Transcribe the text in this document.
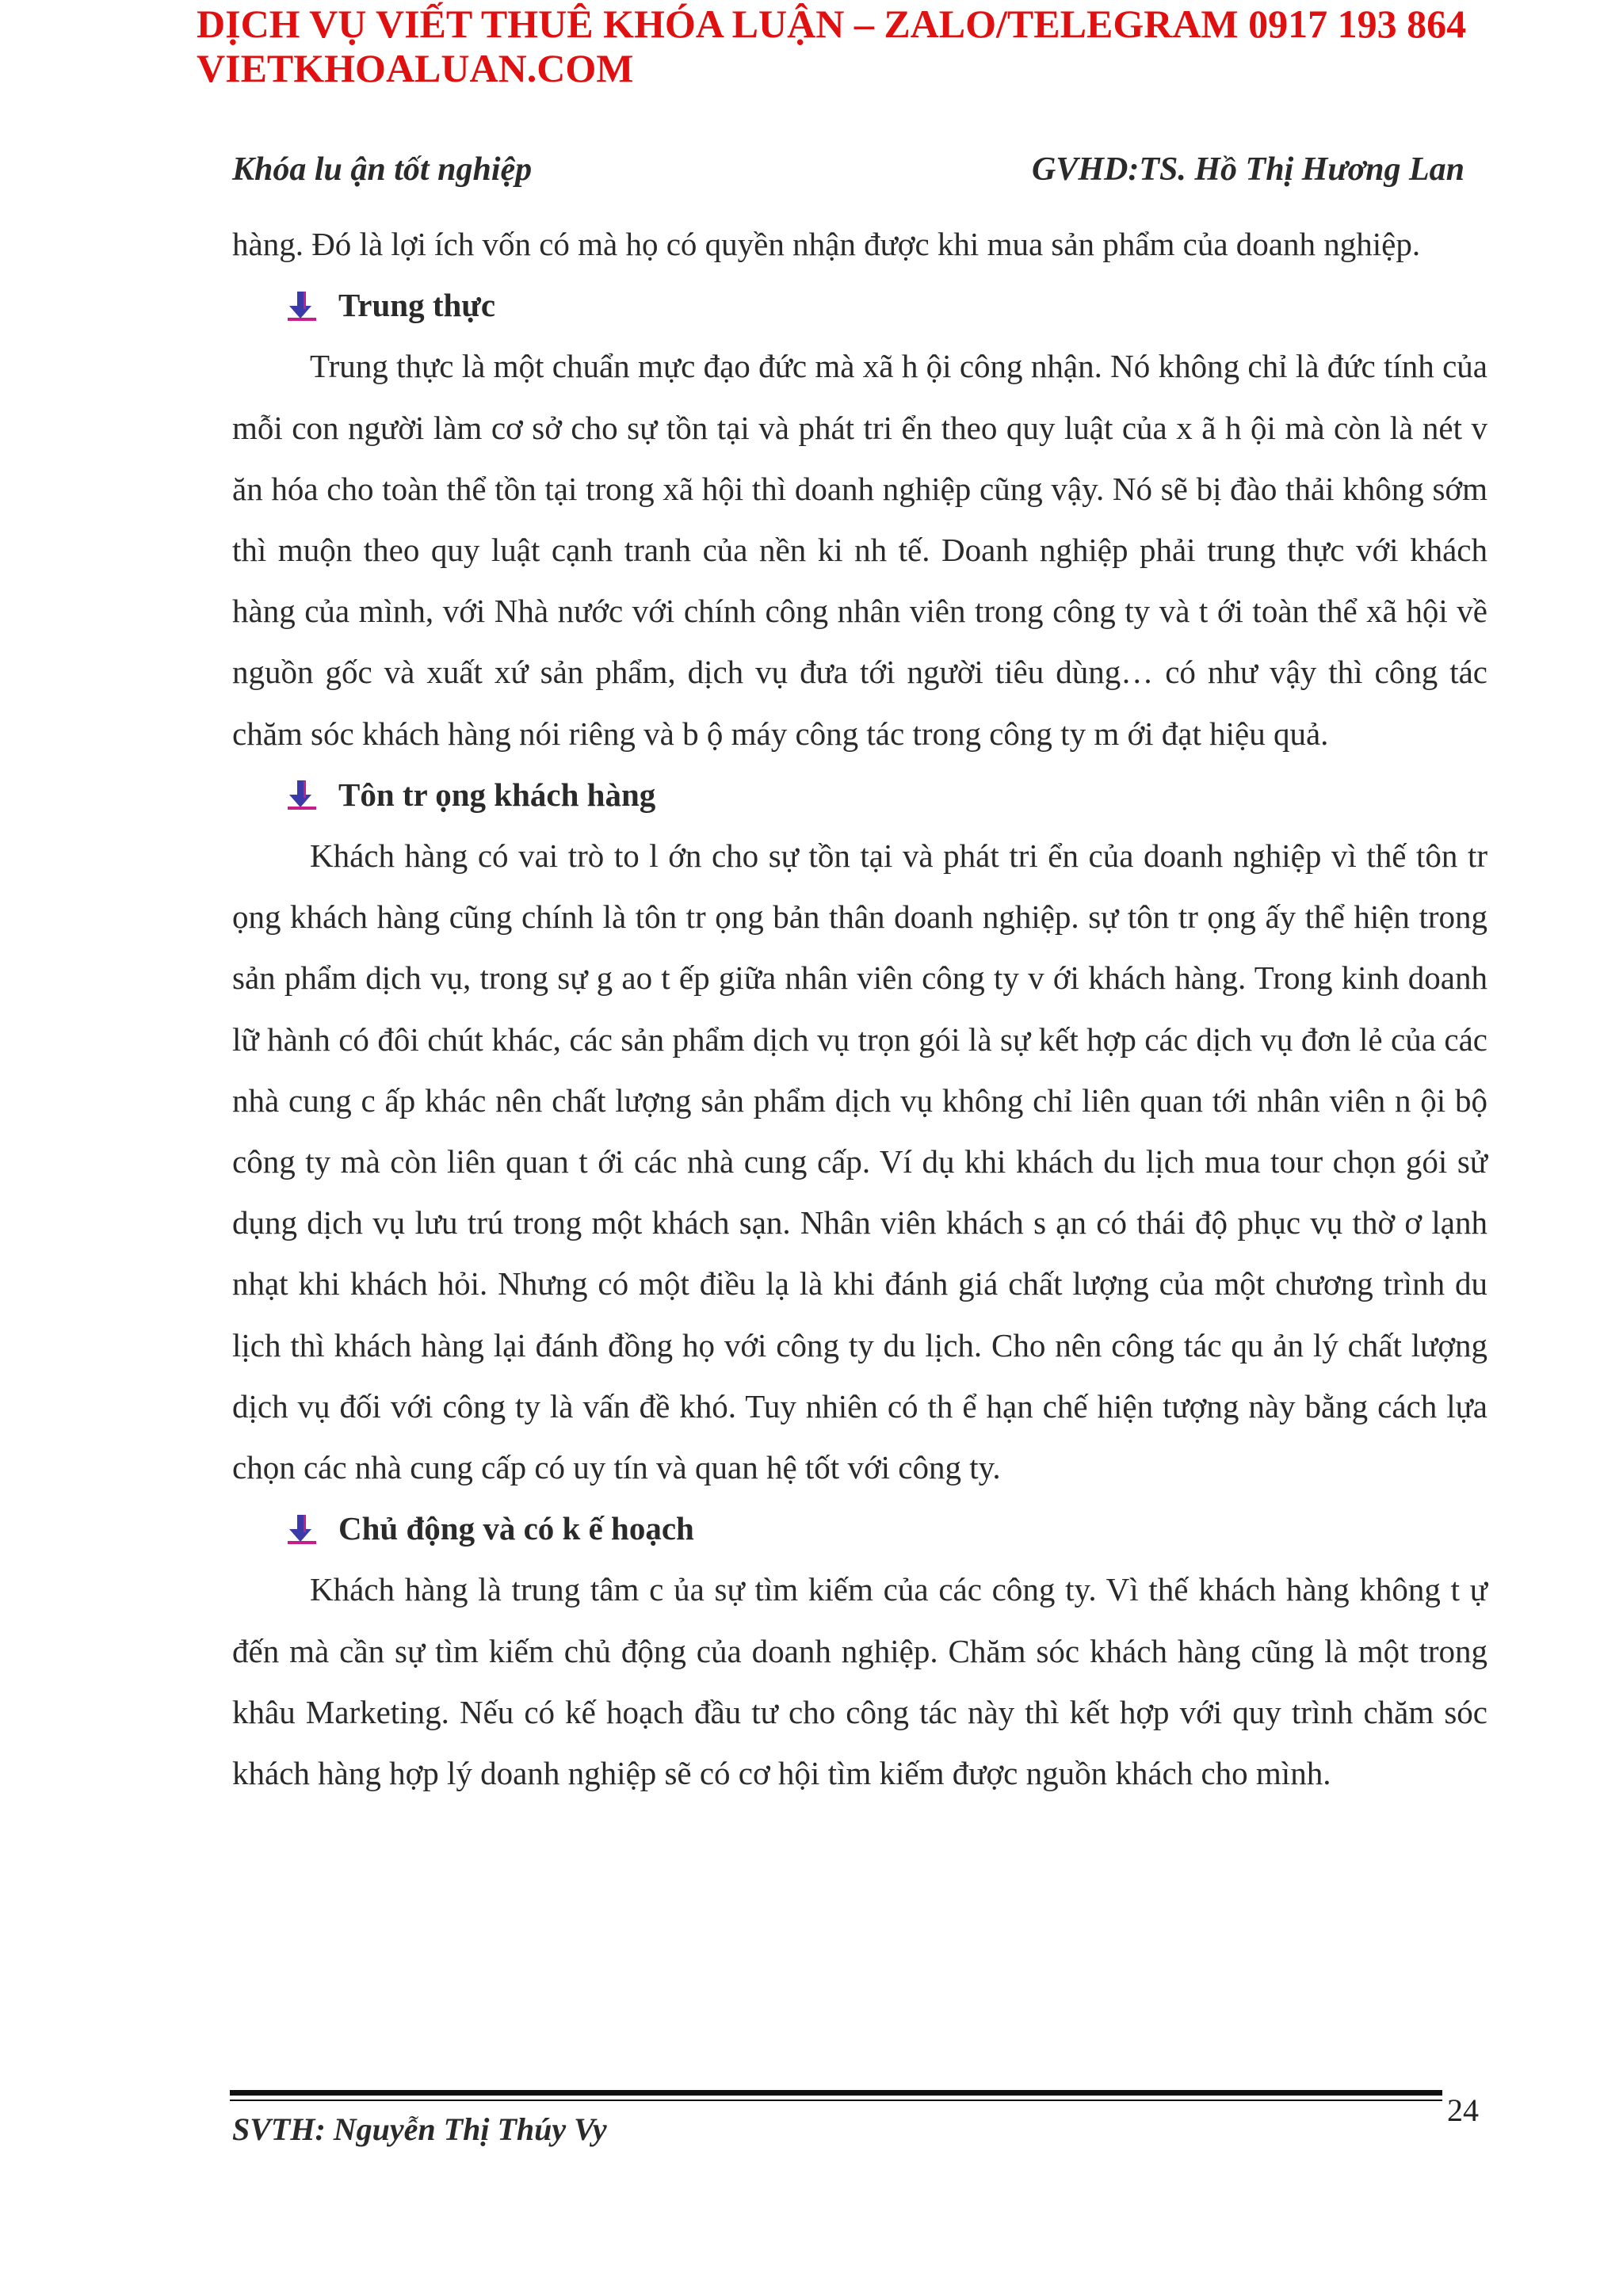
DỊCH VỤ VIẾT THUÊ KHÓA LUẬN – ZALO/TELEGRAM 0917 193 864
VIETKHOALUAN.COM
Khóa lu ận tốt nghiệp	GVHD:TS. Hồ Thị Hương Lan

hàng. Đó là lợi ích vốn có mà họ có quyền nhận được khi mua sản phẩm của doanh nghiệp.

Trung thực

Trung thực là một chuẩn mực đạo đức mà xã h ội công nhận. Nó không chỉ là đức tính của mỗi con người làm cơ sở cho sự tồn tại và phát tri ển theo quy luật của x ã h ội mà còn là nét v ăn hóa cho toàn thể tồn tại trong xã hội thì doanh nghiệp cũng vậy. Nó sẽ bị đào thải không sớm thì muộn theo quy luật cạnh tranh của nền ki nh tế. Doanh nghiệp phải trung thực với khách hàng của mình, với Nhà nước với chính công nhân viên trong công ty và t ới toàn thể xã hội về nguồn gốc và xuất xứ sản phẩm, dịch vụ đưa tới người tiêu dùng… có như vậy thì công tác chăm sóc khách hàng nói riêng và b ộ máy công tác trong công ty m ới đạt hiệu quả.

Tôn tr ọng khách hàng

Khách hàng có vai trò to l ớn cho sự tồn tại và phát tri ển của doanh nghiệp vì thế tôn tr ọng khách hàng cũng chính là tôn tr ọng bản thân doanh nghiệp. sự tôn tr ọng ấy thể hiện trong sản phẩm dịch vụ, trong sự g ao t ếp giữa nhân viên công ty v ới khách hàng. Trong kinh doanh lữ hành có đôi chút khác, các sản phẩm dịch vụ trọn gói là sự kết hợp các dịch vụ đơn lẻ của các nhà cung c ấp khác nên chất lượng sản phẩm dịch vụ không chỉ liên quan tới nhân viên n ội bộ công ty mà còn liên quan t ới các nhà cung cấp. Ví dụ khi khách du lịch mua tour chọn gói sử dụng dịch vụ lưu trú trong một khách sạn. Nhân viên khách s ạn có thái độ phục vụ thờ ơ lạnh nhạt khi khách hỏi. Nhưng có một điều lạ là khi đánh giá chất lượng của một chương trình du lịch thì khách hàng lại đánh đồng họ với công ty du lịch. Cho nên công tác qu ản lý chất lượng dịch vụ đối với công ty là vấn đề khó. Tuy nhiên có th ể hạn chế hiện tượng này bằng cách lựa chọn các nhà cung cấp có uy tín và quan hệ tốt với công ty.

Chủ động và có k ế hoạch

Khách hàng là trung tâm c ủa sự tìm kiếm của các công ty. Vì thế khách hàng không t ự đến mà cần sự tìm kiếm chủ động của doanh nghiệp. Chăm sóc khách hàng cũng là một trong khâu Marketing. Nếu có kế hoạch đầu tư cho công tác này thì kết hợp với quy trình chăm sóc khách hàng hợp lý doanh nghiệp sẽ có cơ hội tìm kiếm được nguồn khách cho mình.

24
SVTH: Nguyễn Thị Thúy Vy
